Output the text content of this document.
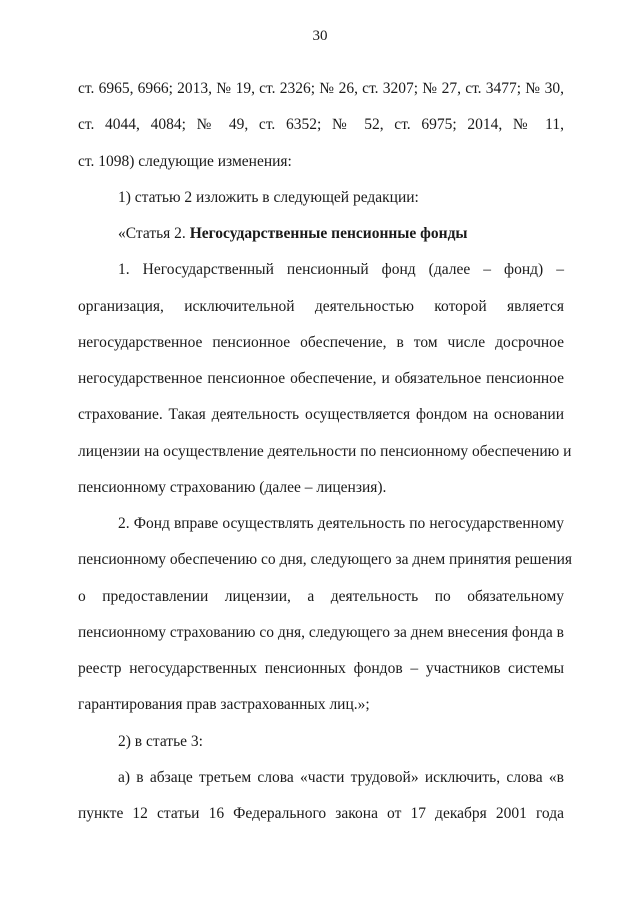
30
ст. 6965, 6966; 2013, № 19, ст. 2326; № 26, ст. 3207; № 27, ст. 3477; № 30,
ст. 4044, 4084; № 49, ст. 6352; № 52, ст. 6975; 2014, № 11,
ст. 1098) следующие изменения:
1) статью 2 изложить в следующей редакции:
«Статья 2. Негосударственные пенсионные фонды
1. Негосударственный пенсионный фонд (далее – фонд) –
организация, исключительной деятельностью которой является
негосударственное пенсионное обеспечение, в том числе досрочное
негосударственное пенсионное обеспечение, и обязательное пенсионное
страхование. Такая деятельность осуществляется фондом на основании
лицензии на осуществление деятельности по пенсионному обеспечению и
пенсионному страхованию (далее – лицензия).
2. Фонд вправе осуществлять деятельность по негосударственному
пенсионному обеспечению со дня, следующего за днем принятия решения
о предоставлении лицензии, а деятельность по обязательному
пенсионному страхованию со дня, следующего за днем внесения фонда в
реестр негосударственных пенсионных фондов – участников системы
гарантирования прав застрахованных лиц.»;
2) в статье 3:
а) в абзаце третьем слова «части трудовой» исключить, слова «в
пункте 12 статьи 16 Федерального закона от 17 декабря 2001 года
